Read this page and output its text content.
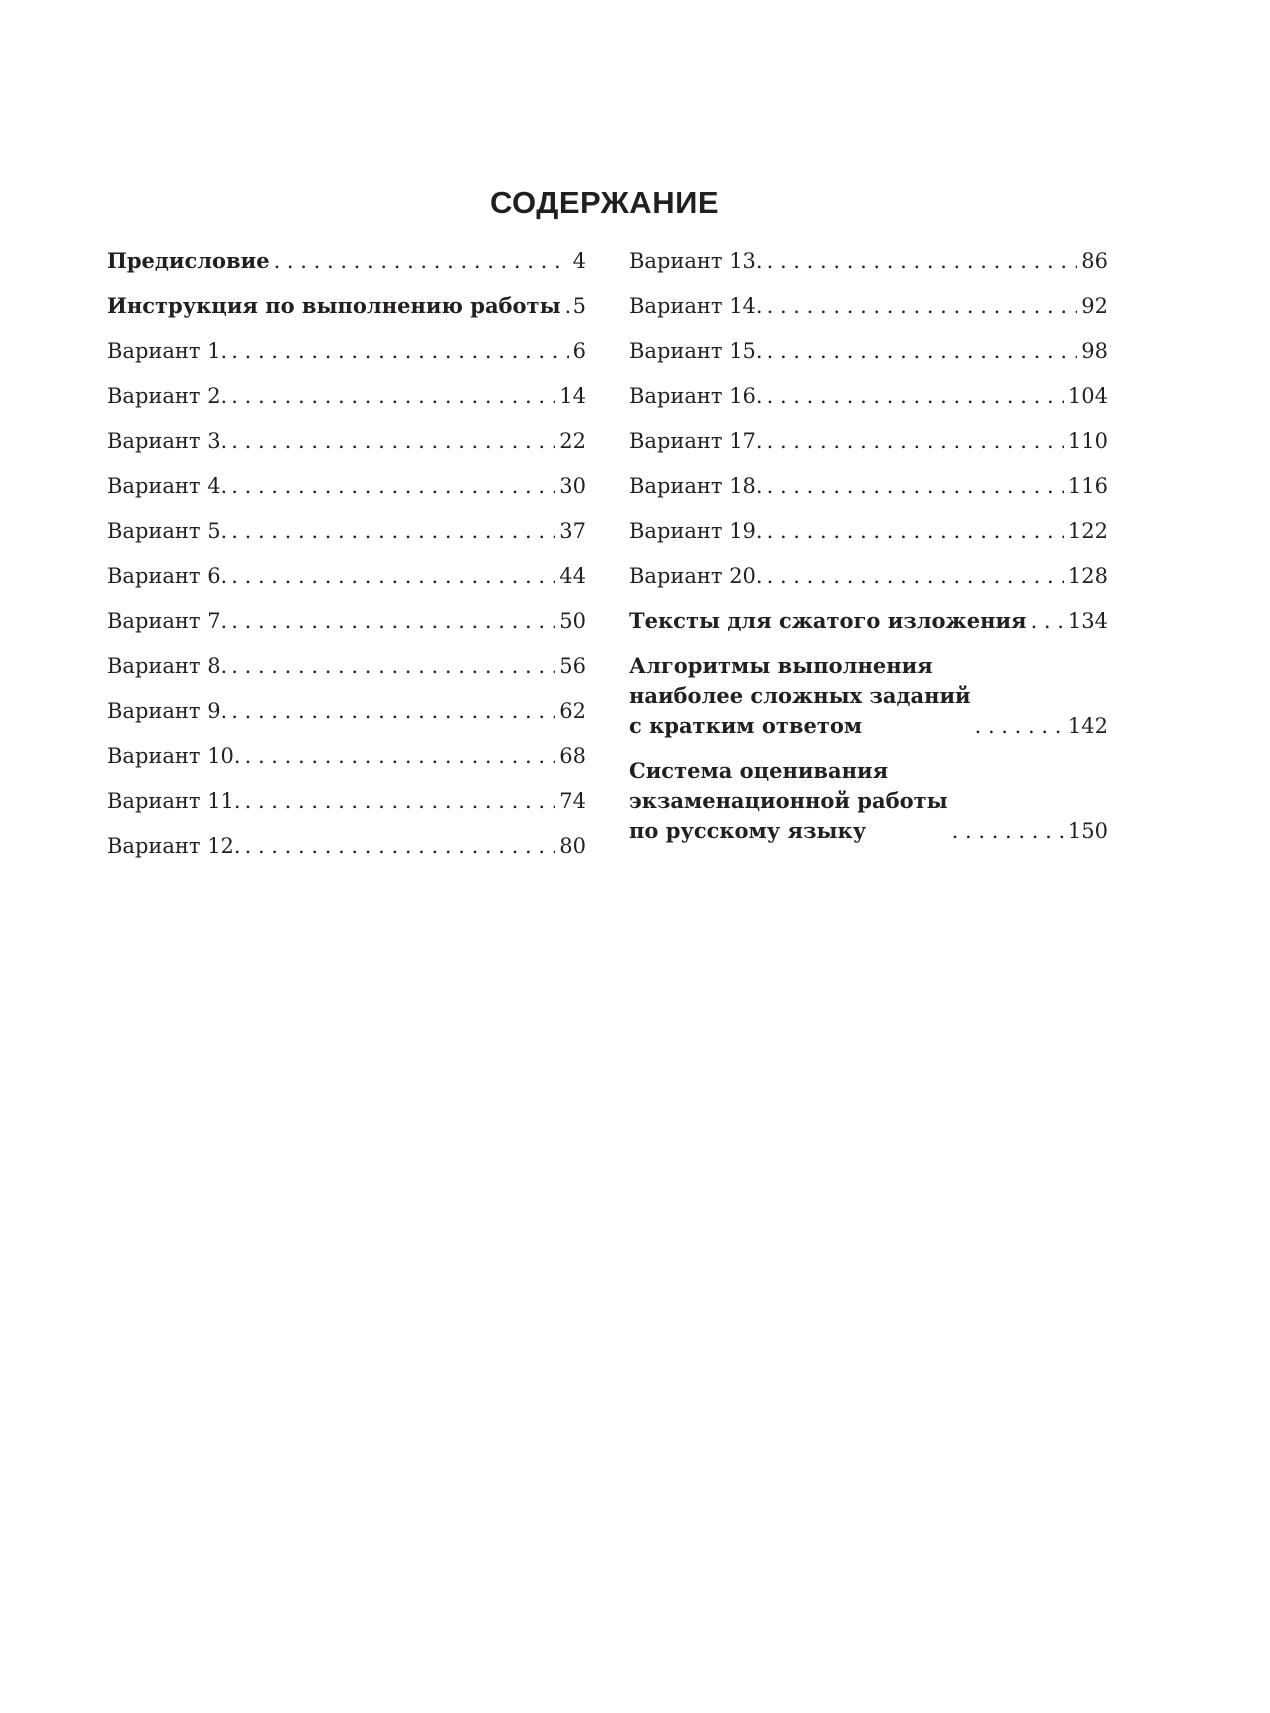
СОДЕРЖАНИЕ
Предисловие . . .	4
Инструкция по выполнению работы . . . 5
Вариант 1. . . .	6
Вариант 2. . . .	14
Вариант 3. . . .	22
Вариант 4. . . .	30
Вариант 5. . . .	37
Вариант 6. . . .	44
Вариант 7. . . .	50
Вариант 8. . . .	56
Вариант 9. . . .	62
Вариант 10. . . .	68
Вариант 11. . . .	74
Вариант 12. . . .	80
Вариант 13. . . .	86
Вариант 14. . . .	92
Вариант 15. . . .	98
Вариант 16. . . .	104
Вариант 17. . . .	110
Вариант 18. . . .	116
Вариант 19. . . .	122
Вариант 20. . . .	128
Тексты для сжатого изложения . . . 134
Алгоритмы выполнения
наиболее сложных заданий
с кратким ответом . . .	142
Система оценивания
экзаменационной работы
по русскому языку . . .	150
